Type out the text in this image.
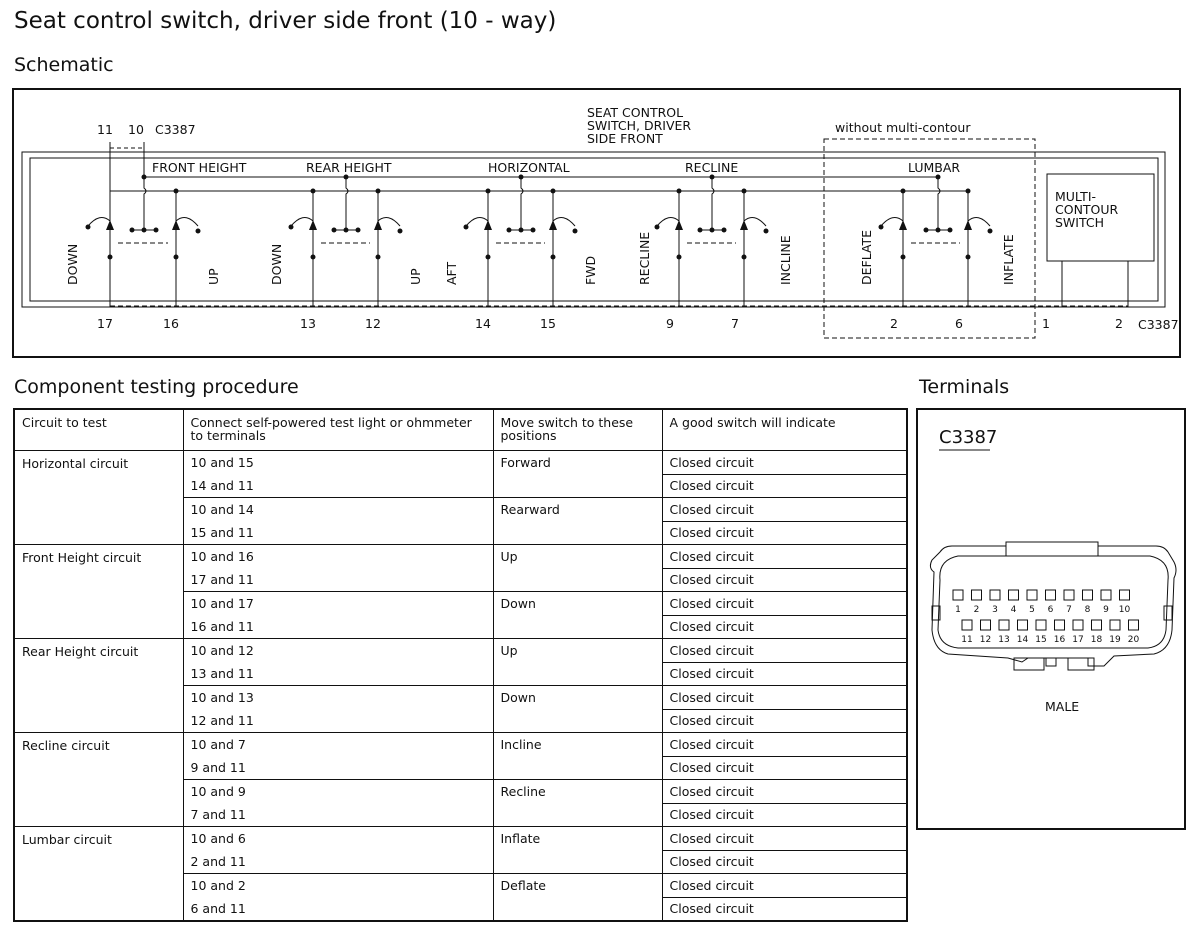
Seat control switch, driver side front (10 - way)
Schematic
SEAT CONTROL
SWITCH, DRIVER
SIDE FRONT
without multi-contour
11 10 C3387
FRONT HEIGHT
DOWN	UP
17	16
REAR HEIGHT
DOWN	UP
13	12
HORIZONTAL
AFT	FWD
14	15
RECLINE
RECLINE	INCLINE
9	7
LUMBAR
DEFLATE	INFLATE
2	6
MULTI-
CONTOUR
SWITCH
1	2 C3387
Component testing procedure	Terminals
Circuit to test	Connect self-powered test light or ohmmeter to terminals	Move switch to these positions	A good switch will indicate
Horizontal circuit	10 and 15	Forward	Closed circuit
	14 and 11		Closed circuit
	10 and 14	Rearward	Closed circuit
	15 and 11		Closed circuit
Front Height circuit	10 and 16	Up	Closed circuit
	17 and 11		Closed circuit
	10 and 17	Down	Closed circuit
	16 and 11		Closed circuit
Rear Height circuit	10 and 12	Up	Closed circuit
	13 and 11		Closed circuit
	10 and 13	Down	Closed circuit
	12 and 11		Closed circuit
Recline circuit	10 and 7	Incline	Closed circuit
	9 and 11		Closed circuit
	10 and 9	Recline	Closed circuit
	7 and 11		Closed circuit
Lumbar circuit	10 and 6	Inflate	Closed circuit
	2 and 11		Closed circuit
	10 and 2	Deflate	Closed circuit
	6 and 11		Closed circuit
C3387
1 2 3 4 5 6 7 8 9 10
11 12 13 14 15 16 17 18 19 20
MALE
